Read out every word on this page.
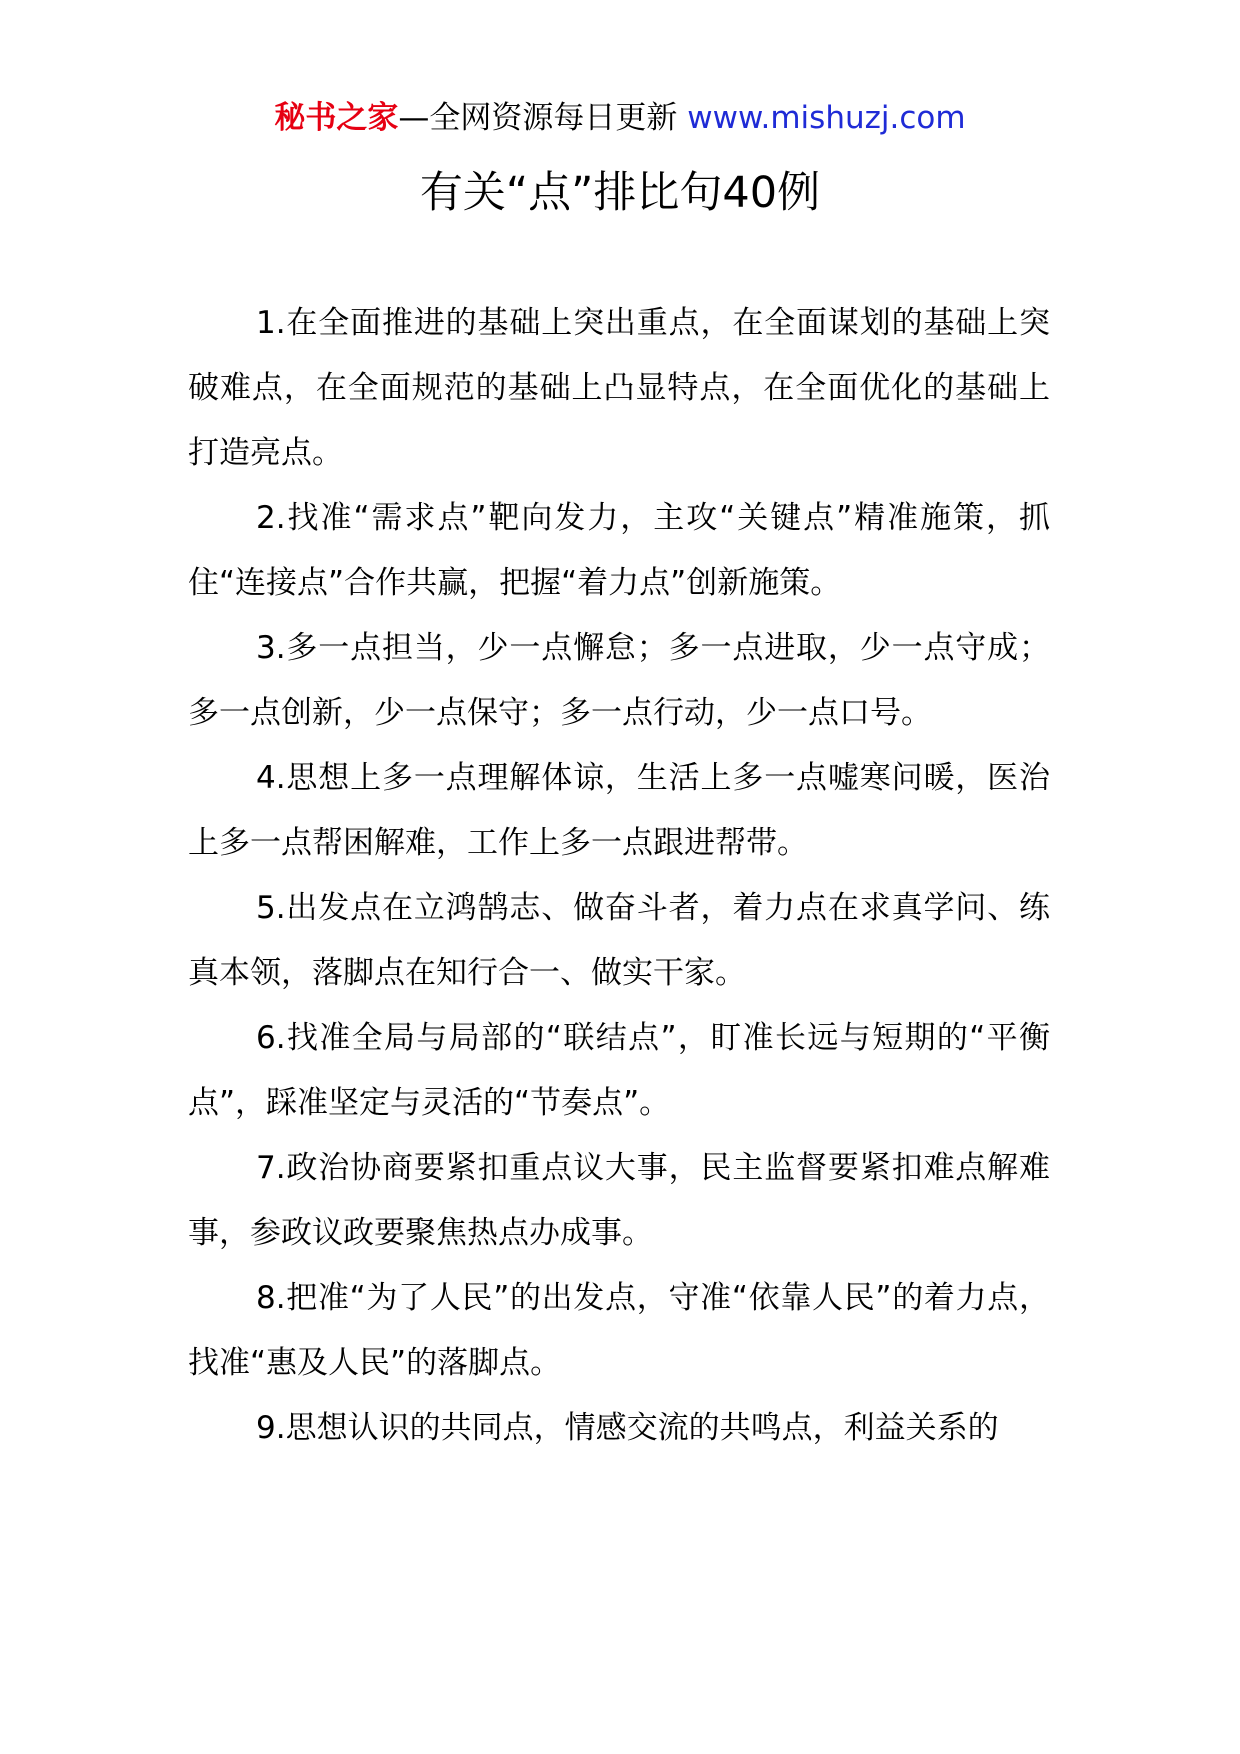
秘书之家—全网资源每日更新 www.mishuzj.com
有关“点”排比句40例

1.在全面推进的基础上突出重点，在全面谋划的基础上突破难点，在全面规范的基础上凸显特点，在全面优化的基础上打造亮点。

2.找准“需求点”靶向发力，主攻“关键点”精准施策，抓住“连接点”合作共赢，把握“着力点”创新施策。

3.多一点担当，少一点懈怠；多一点进取，少一点守成；多一点创新，少一点保守；多一点行动，少一点口号。

4.思想上多一点理解体谅，生活上多一点嘘寒问暖，医治上多一点帮困解难，工作上多一点跟进帮带。

5.出发点在立鸿鹄志、做奋斗者，着力点在求真学问、练真本领，落脚点在知行合一、做实干家。

6.找准全局与局部的“联结点”，盯准长远与短期的“平衡点”，踩准坚定与灵活的“节奏点”。

7.政治协商要紧扣重点议大事，民主监督要紧扣难点解难事，参政议政要聚焦热点办成事。

8.把准“为了人民”的出发点，守准“依靠人民”的着力点，找准“惠及人民”的落脚点。

9.思想认识的共同点，情感交流的共鸣点，利益关系的
